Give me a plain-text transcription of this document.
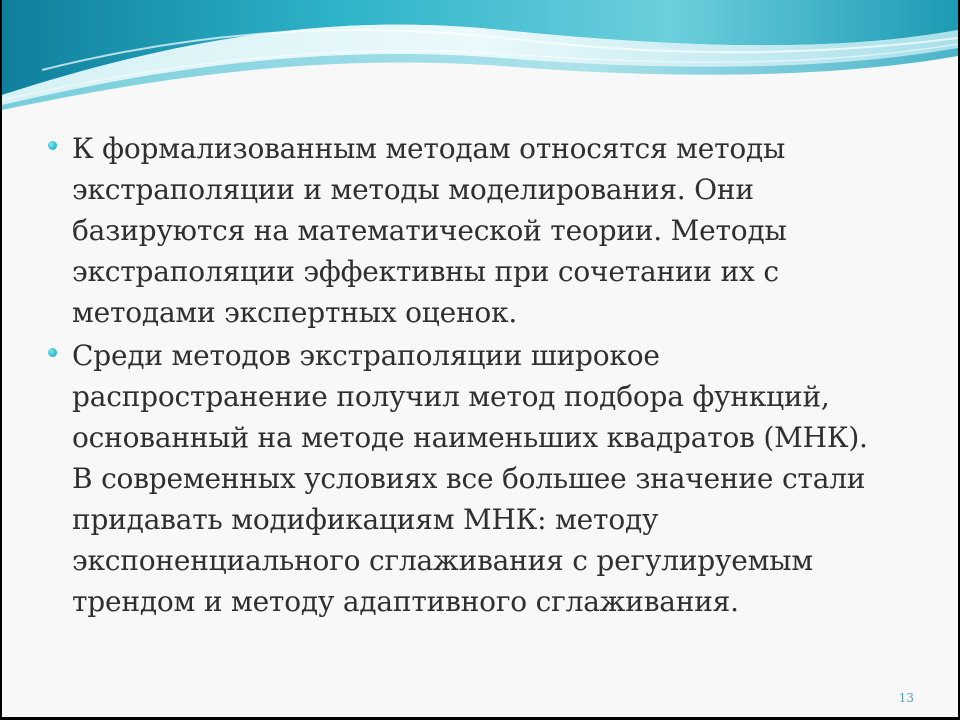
К формализованным методам относятся методы
экстраполяции и методы моделирования. Они
базируются на математической теории. Методы
экстраполяции эффективны при сочетании их с
методами экспертных оценок.
Среди методов экстраполяции широкое
распространение получил метод подбора функций,
основанный на методе наименьших квадратов (МНК).
В современных условиях все большее значение стали
придавать модификациям МНК: методу
экспоненциального сглаживания с регулируемым
трендом и методу адаптивного сглаживания.
13
